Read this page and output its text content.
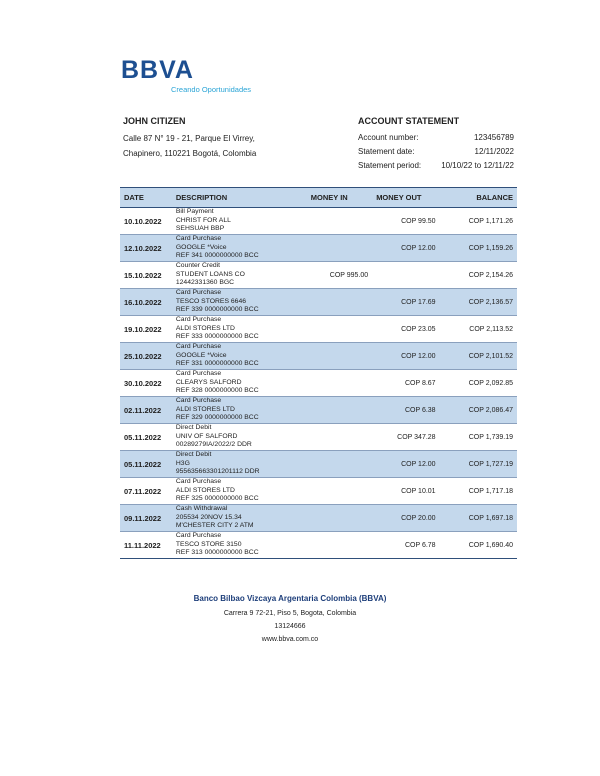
BBVA
Creando Oportunidades
JOHN CITIZEN
Calle 87 N° 19 - 21, Parque El Virrey,
Chapinero, 110221 Bogotá, Colombia
ACCOUNT STATEMENT
Account number:	123456789
Statement date:	12/11/2022
Statement period:	10/10/22 to 12/11/22
DATE	DESCRIPTION	MONEY IN	MONEY OUT	BALANCE
10.10.2022	Bill Payment
CHRIST FOR ALL
SEHSUAH BBP		COP 99.50	COP 1,171.26
12.10.2022	Card Purchase
GOOGLE *Voice
REF 341 0000000000 BCC		COP 12.00	COP 1,159.26
15.10.2022	Counter Credit
STUDENT LOANS CO
12442331360 BGC	COP 995.00		COP 2,154.26
16.10.2022	Card Purchase
TESCO STORES 6646
REF 339 0000000000 BCC		COP 17.69	COP 2,136.57
19.10.2022	Card Purchase
ALDI STORES LTD
REF 333 0000000000 BCC		COP 23.05	COP 2,113.52
25.10.2022	Card Purchase
GOOGLE *Voice
REF 331 0000000000 BCC		COP 12.00	COP 2,101.52
30.10.2022	Card Purchase
CLEARYS SALFORD
REF 328 0000000000 BCC		COP 8.67	COP 2,092.85
02.11.2022	Card Purchase
ALDI STORES LTD
REF 329 0000000000 BCC		COP 6.38	COP 2,086.47
05.11.2022	Direct Debit
UNIV OF SALFORD
00289279IA/2022/2 DDR		COP 347.28	COP 1,739.19
05.11.2022	Direct Debit
H3G
955635663301201112 DDR		COP 12.00	COP 1,727.19
07.11.2022	Card Purchase
ALDI STORES LTD
REF 325 0000000000 BCC		COP 10.01	COP 1,717.18
09.11.2022	Cash Withdrawal
205534 20NOV 15.34
M'CHESTER CITY 2 ATM		COP 20.00	COP 1,697.18
11.11.2022	Card Purchase
TESCO STORE 3150
REF 313 0000000000 BCC		COP 6.78	COP 1,690.40
Banco Bilbao Vizcaya Argentaria Colombia (BBVA)
Carrera 9 72-21, Piso 5, Bogota, Colombia
13124666
www.bbva.com.co
